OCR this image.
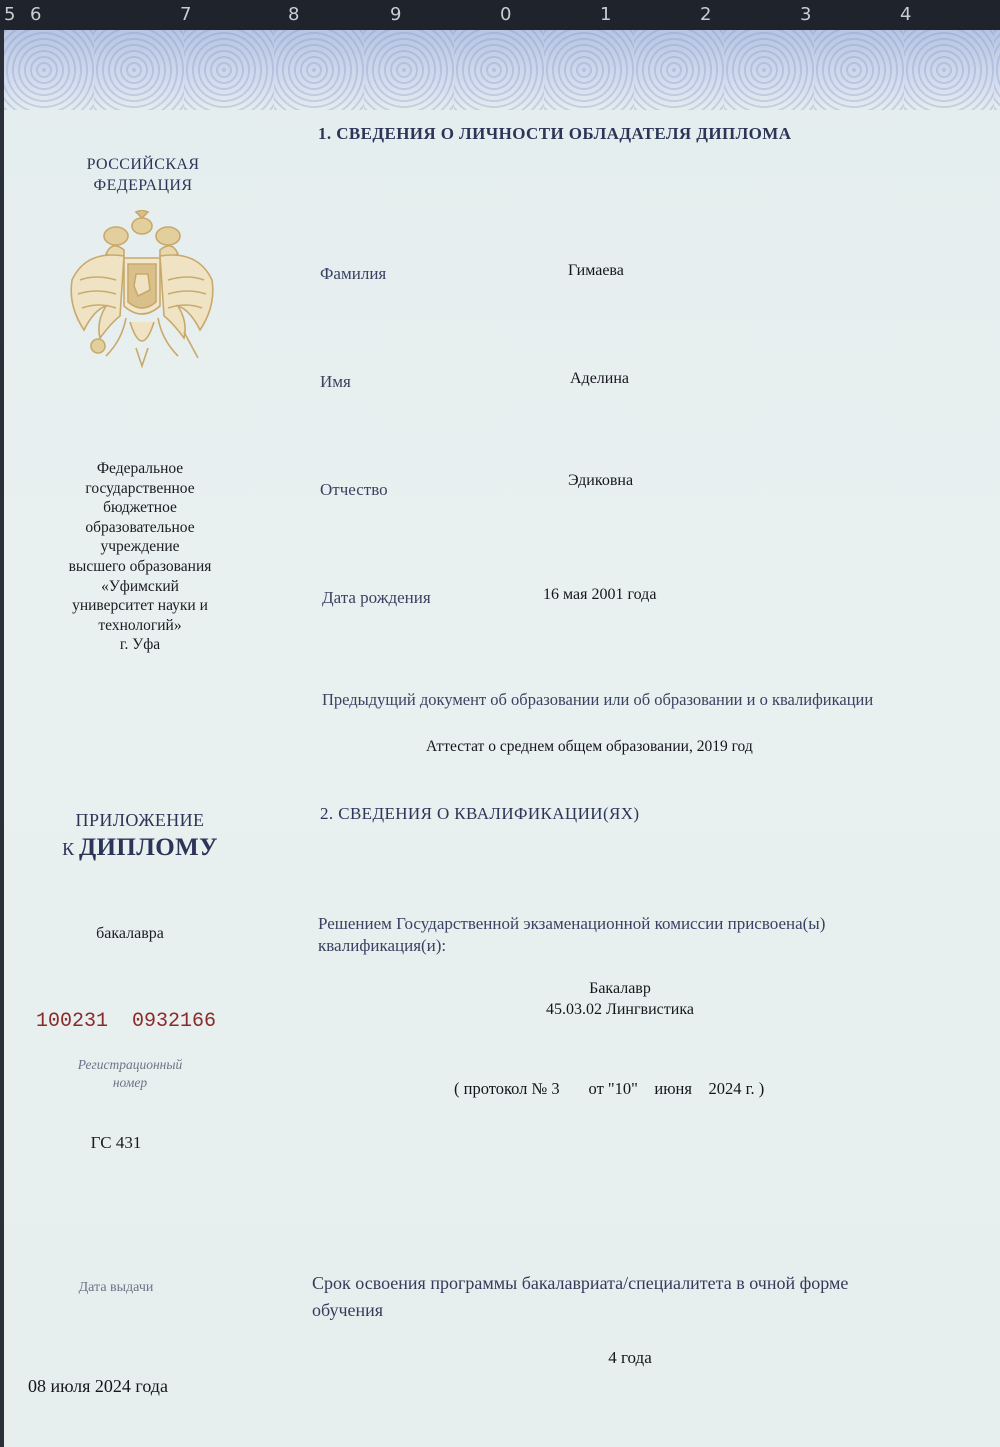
5 6	7	8	9	0	1	2	3	4
РОССИЙСКАЯ
ФЕДЕРАЦИЯ
Федеральное
государственное
бюджетное
образовательное
учреждение
высшего образования
«Уфимский
университет науки и
технологий»
г. Уфа
ПРИЛОЖЕНИЕ
К ДИПЛОМУ
бакалавра
100231  0932166
Регистрационный
номер
ГС 431
Дата выдачи
08 июля 2024 года
1. СВЕДЕНИЯ О ЛИЧНОСТИ ОБЛАДАТЕЛЯ ДИПЛОМА
Фамилия	Гимаева
Имя	Аделина
Отчество	Эдиковна
Дата рождения	16 мая 2001 года
Предыдущий документ об образовании или об образовании и о квалификации
Аттестат о среднем общем образовании, 2019 год
2. СВЕДЕНИЯ О КВАЛИФИКАЦИИ(ЯХ)
Решением Государственной экзаменационной комиссии присвоена(ы)
квалификация(и):
Бакалавр
45.03.02 Лингвистика
( протокол № 3       от "10"    июня    2024 г. )
Срок освоения программы бакалавриата/специалитета в очной форме
обучения
4 года
